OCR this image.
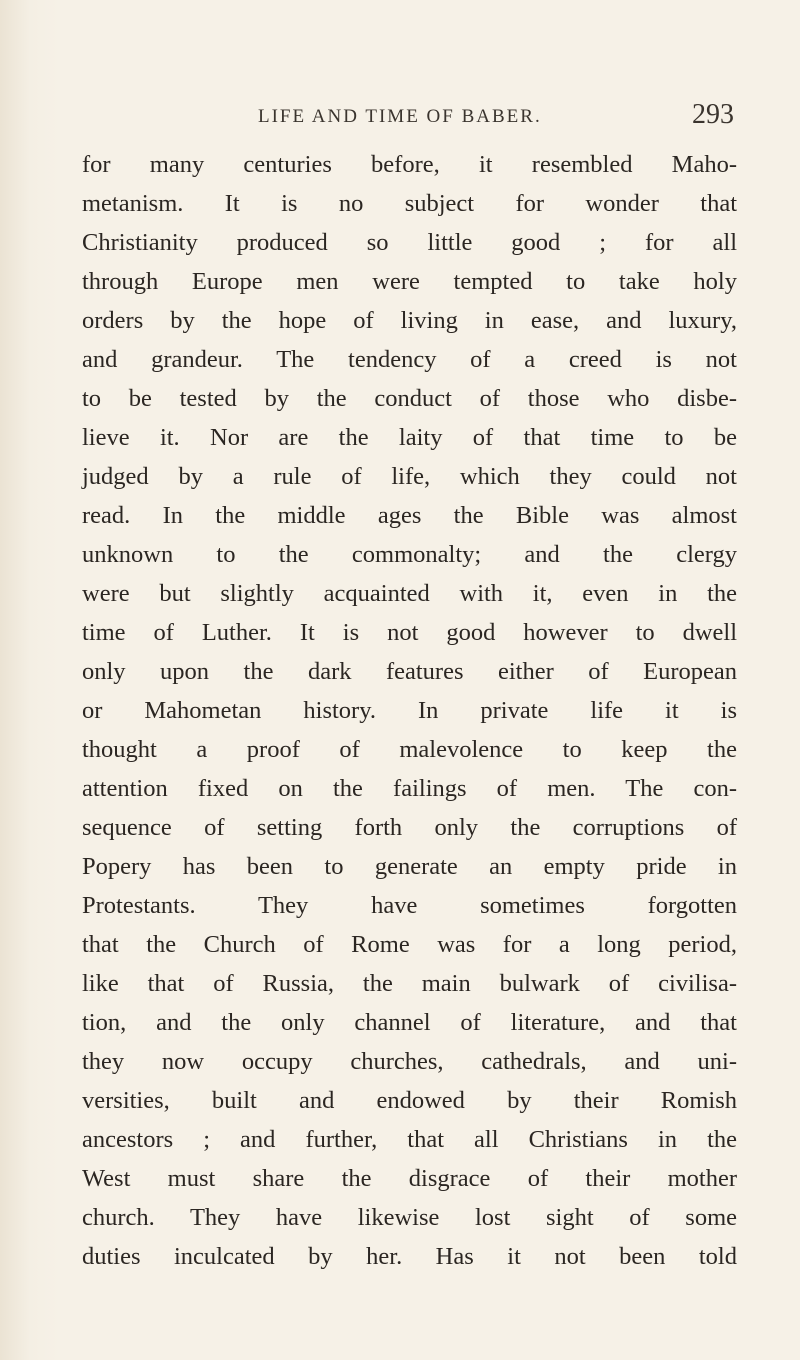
LIFE AND TIME OF BABER.	293
for many centuries before, it resembled Maho-
metanism. It is no subject for wonder that
Christianity produced so little good ; for all
through Europe men were tempted to take holy
orders by the hope of living in ease, and luxury,
and grandeur. The tendency of a creed is not
to be tested by the conduct of those who disbe-
lieve it. Nor are the laity of that time to be
judged by a rule of life, which they could not
read. In the middle ages the Bible was almost
unknown to the commonalty; and the clergy
were but slightly acquainted with it, even in the
time of Luther. It is not good however to dwell
only upon the dark features either of European
or Mahometan history. In private life it is
thought a proof of malevolence to keep the
attention fixed on the failings of men. The con-
sequence of setting forth only the corruptions of
Popery has been to generate an empty pride in
Protestants. They have sometimes forgotten
that the Church of Rome was for a long period,
like that of Russia, the main bulwark of civilisa-
tion, and the only channel of literature, and that
they now occupy churches, cathedrals, and uni-
versities, built and endowed by their Romish
ancestors ; and further, that all Christians in the
West must share the disgrace of their mother
church. They have likewise lost sight of some
duties inculcated by her. Has it not been told
